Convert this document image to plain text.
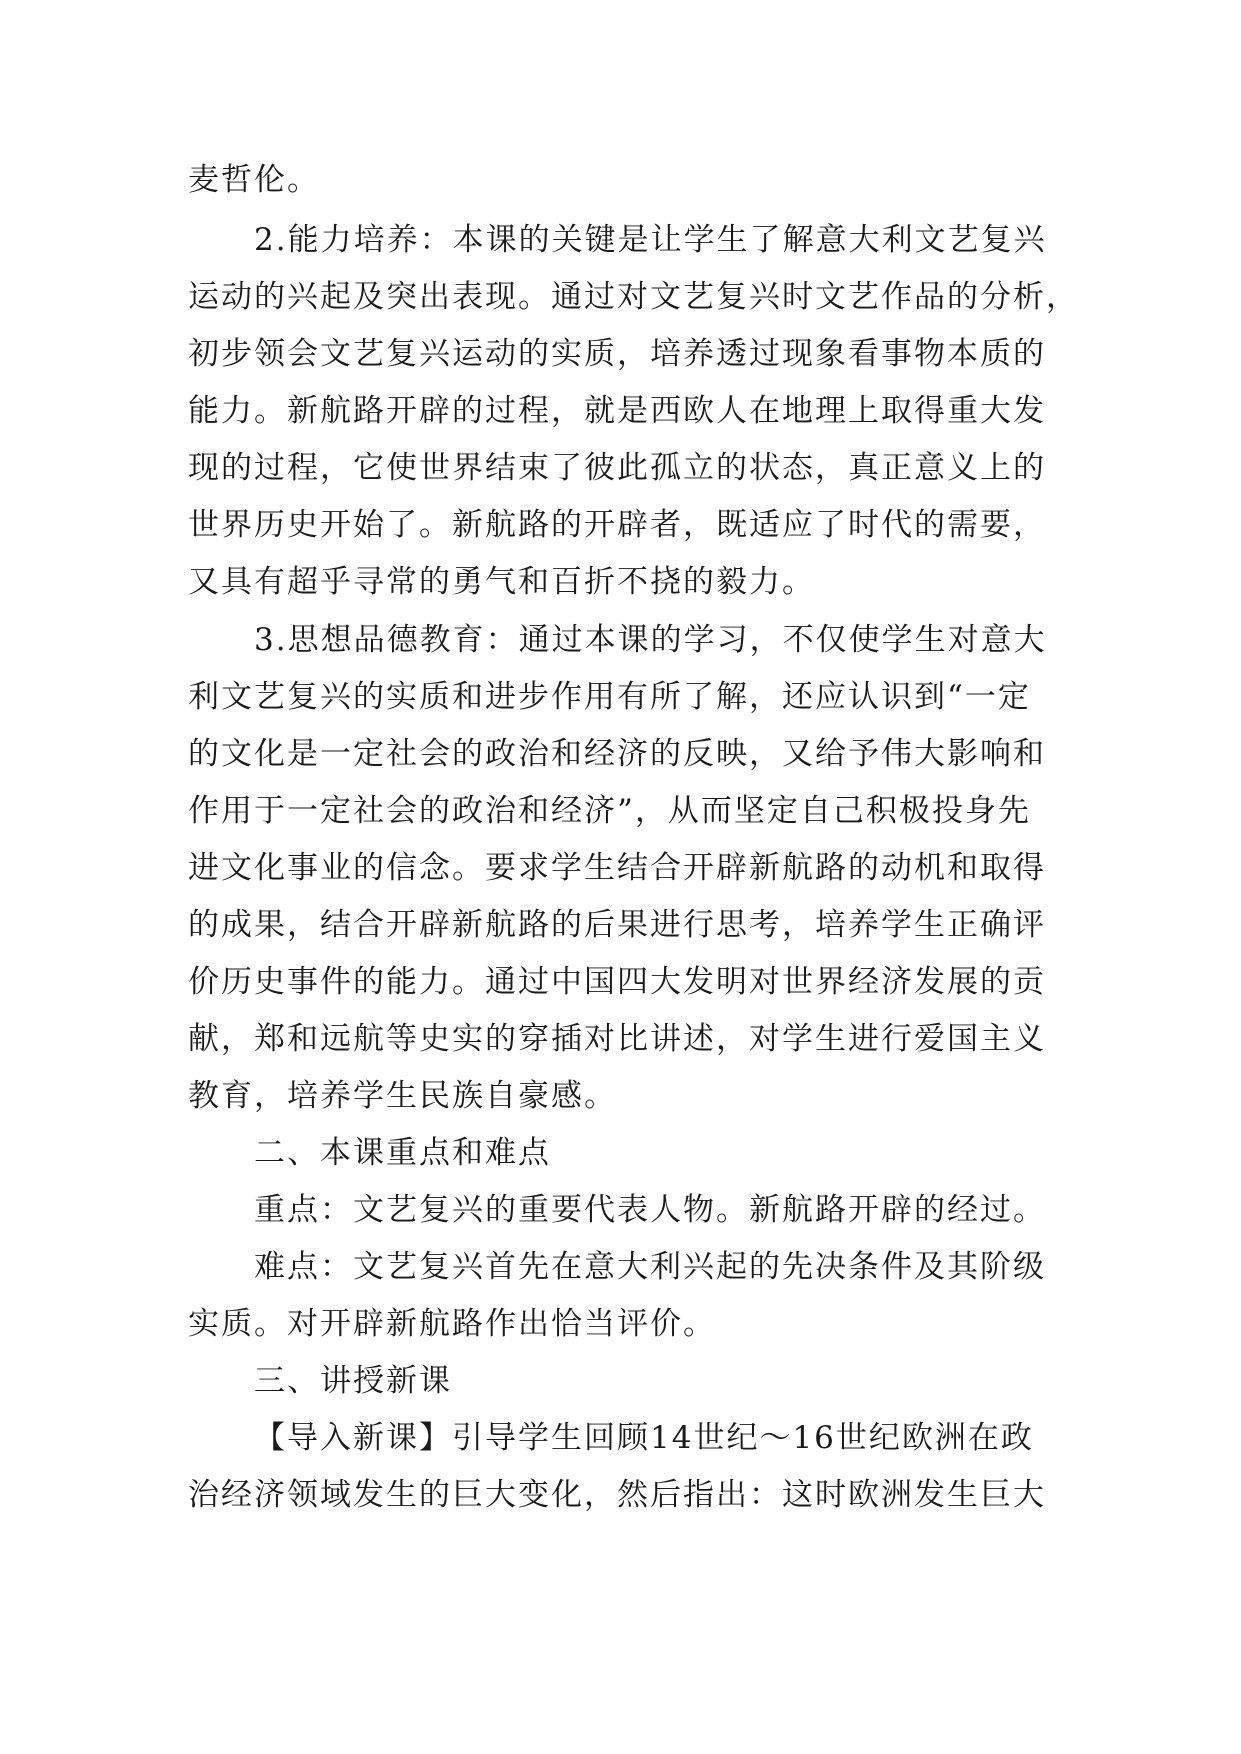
麦哲伦。
2.能力培养：本课的关键是让学生了解意大利文艺复兴
运动的兴起及突出表现。通过对文艺复兴时文艺作品的分析，
初步领会文艺复兴运动的实质，培养透过现象看事物本质的
能力。新航路开辟的过程，就是西欧人在地理上取得重大发
现的过程，它使世界结束了彼此孤立的状态，真正意义上的
世界历史开始了。新航路的开辟者，既适应了时代的需要，
又具有超乎寻常的勇气和百折不挠的毅力。
3.思想品德教育：通过本课的学习，不仅使学生对意大
利文艺复兴的实质和进步作用有所了解，还应认识到“一定
的文化是一定社会的政治和经济的反映，又给予伟大影响和
作用于一定社会的政治和经济”，从而坚定自己积极投身先
进文化事业的信念。要求学生结合开辟新航路的动机和取得
的成果，结合开辟新航路的后果进行思考，培养学生正确评
价历史事件的能力。通过中国四大发明对世界经济发展的贡
献，郑和远航等史实的穿插对比讲述，对学生进行爱国主义
教育，培养学生民族自豪感。
二、本课重点和难点
重点：文艺复兴的重要代表人物。新航路开辟的经过。
难点：文艺复兴首先在意大利兴起的先决条件及其阶级
实质。对开辟新航路作出恰当评价。
三、讲授新课
【导入新课】引导学生回顾14世纪～16世纪欧洲在政
治经济领域发生的巨大变化，然后指出：这时欧洲发生巨大
